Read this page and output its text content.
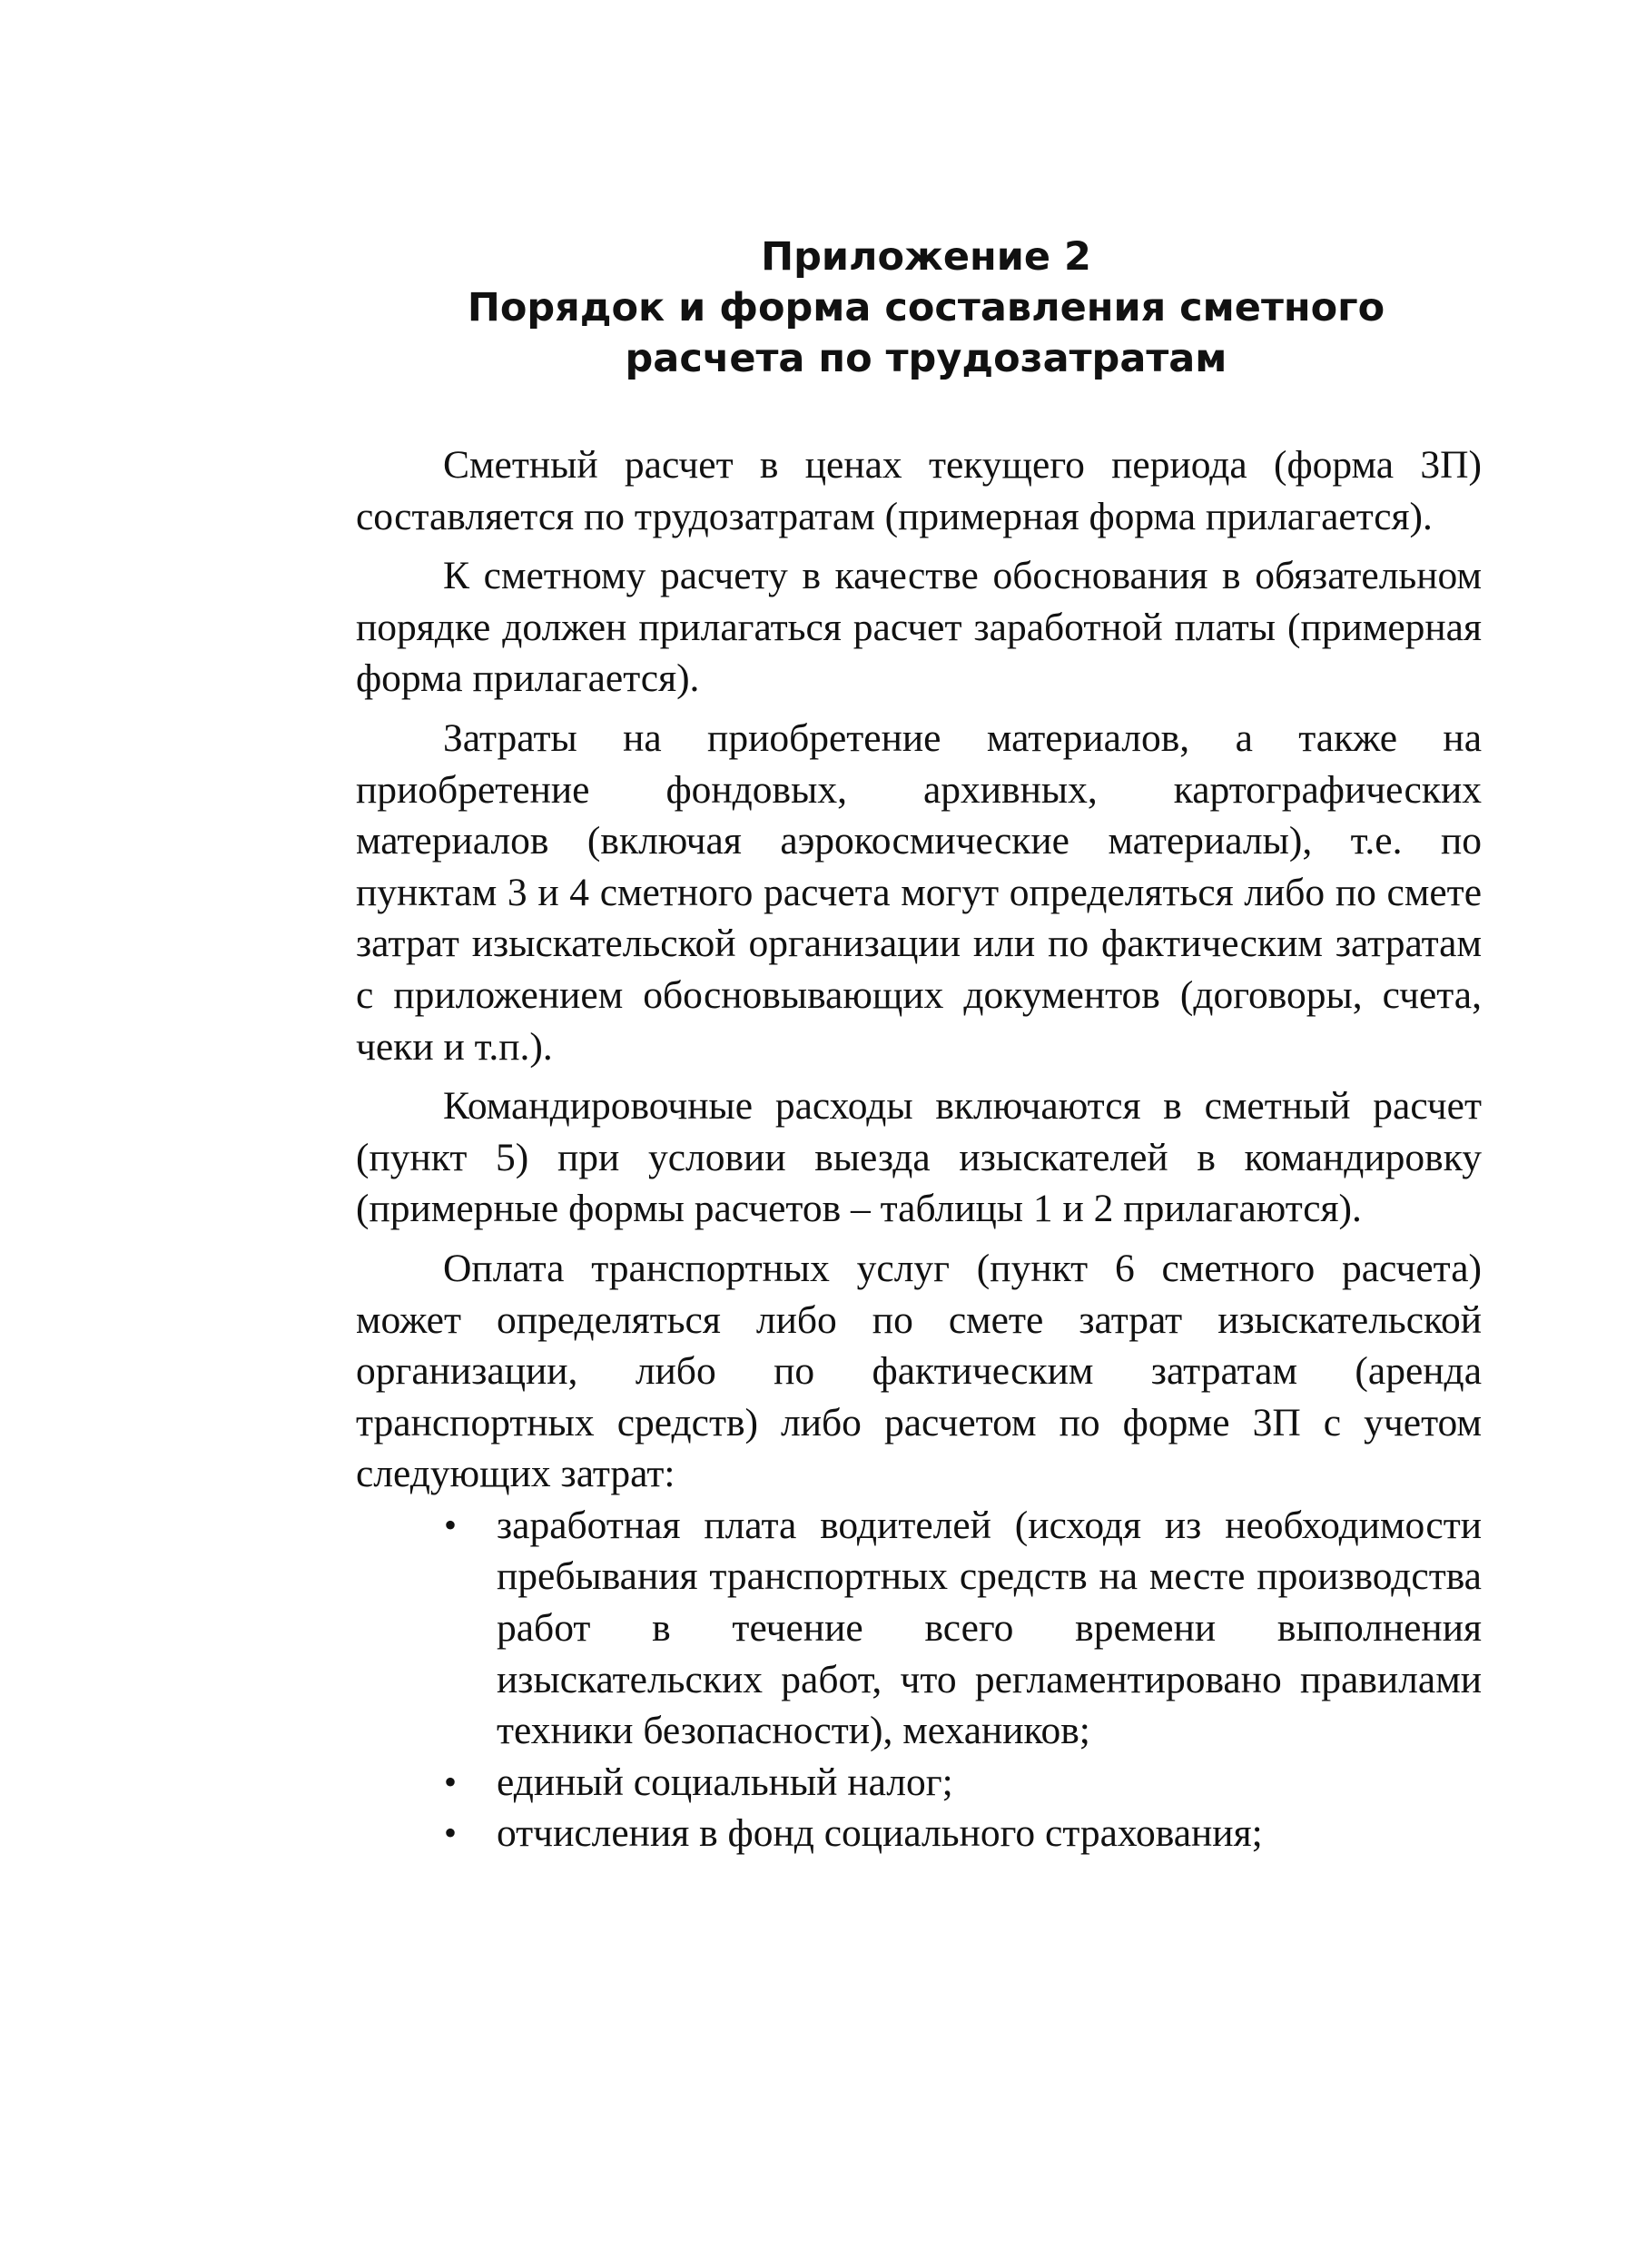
Приложение 2
Порядок и форма составления сметного
расчета по трудозатратам

Сметный расчет в ценах текущего периода (форма 3П) составляется по трудозатратам (примерная форма прилагается).

К сметному расчету в качестве обоснования в обязательном порядке должен прилагаться расчет заработной платы (примерная форма прилагается).

Затраты на приобретение материалов, а также на приобретение фондовых, архивных, картографических материалов (включая аэрокосмические материалы), т.е. по пунктам 3 и 4 сметного расчета могут определяться либо по смете затрат изыскательской организации или по фактическим затратам с приложением обосновывающих документов (договоры, счета, чеки и т.п.).

Командировочные расходы включаются в сметный расчет (пункт 5) при условии выезда изыскателей в командировку (примерные формы расчетов – таблицы 1 и 2 прилагаются).

Оплата транспортных услуг (пункт 6 сметного расчета) может определяться либо по смете затрат изыскательской организации, либо по фактическим затратам (аренда транспортных средств) либо расчетом по форме 3П с учетом следующих затрат:

• заработная плата водителей (исходя из необходимости пребывания транспортных средств на месте производства работ в течение всего времени выполнения изыскательских работ, что регламентировано правилами техники безопасности), механиков;
• единый социальный налог;
• отчисления в фонд социального страхования;
